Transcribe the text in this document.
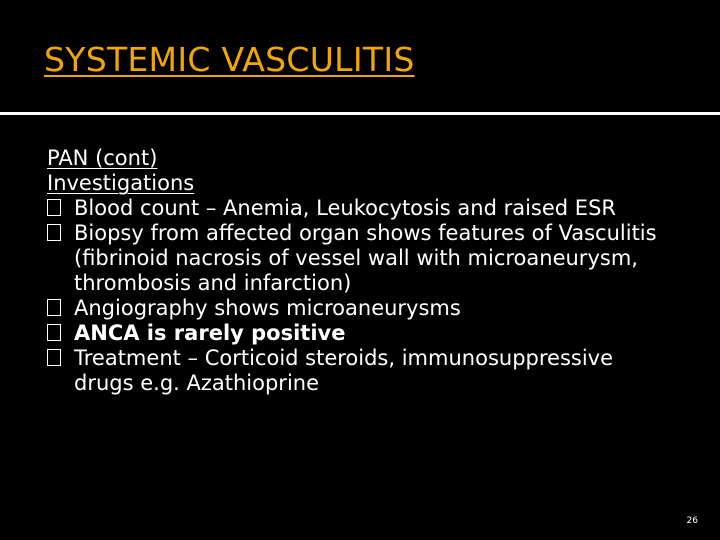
SYSTEMIC VASCULITIS
PAN (cont)
Investigations
Blood count – Anemia, Leukocytosis and raised ESR
Biopsy from affected organ shows features of Vasculitis (fibrinoid nacrosis of vessel wall with microaneurysm, thrombosis and infarction)
Angiography shows microaneurysms
ANCA is rarely positive
Treatment – Corticoid steroids, immunosuppressive drugs e.g. Azathioprine
26
